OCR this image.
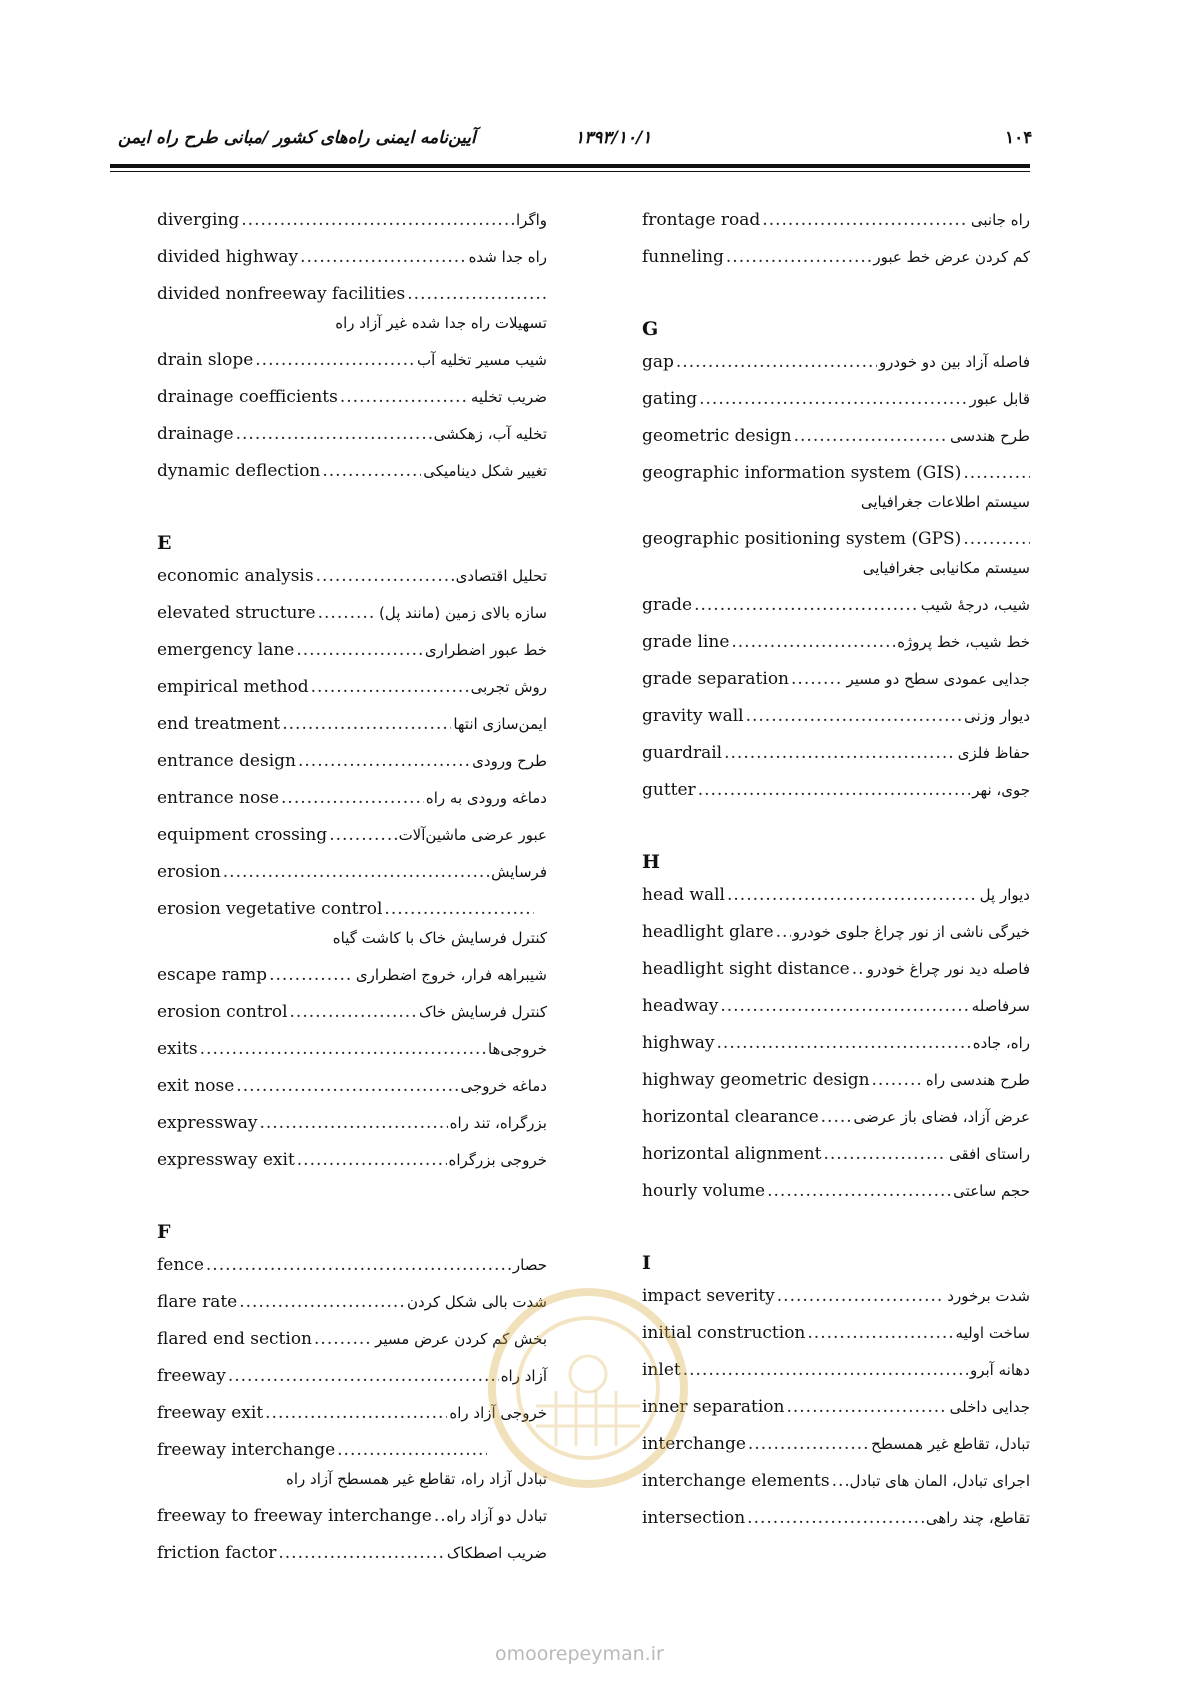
۱۰۴
۱۳۹۳/۱۰/۱
آیین‌نامه ایمنی راه‌های کشور /مبانی طرح راه ایمن
diverging .....	واگرا
divided highway .....	راه جدا شده
divided nonfreeway facilities
.....
تسهیلات راه جدا شده غیر آزاد راه
drain slope .....	شیب مسیر تخلیه آب
drainage coefficients .....	ضریب تخلیه
drainage .....	تخلیه آب، زهکشی
dynamic deflection .....	تغییر شکل دینامیکی
E
economic analysis .....	تحلیل اقتصادی
elevated structure .....	سازه بالای زمین (مانند پل)
emergency lane .....	خط عبور اضطراری
empirical method .....	روش تجربی
end treatment .....	ایمن‌سازی انتها
entrance design .....	طرح ورودی
entrance nose .....	دماغه ورودی به راه
equipment crossing .....	عبور عرضی ماشین‌آلات
erosion .....	فرسایش
erosion vegetative control
.....
کنترل فرسایش خاک با کاشت گیاه
escape ramp .....	شیبراهه فرار، خروج اضطراری
erosion control .....	کنترل فرسایش خاک
exits .....	خروجی‌ها
exit nose .....	دماغه خروجی
expressway .....	بزرگراه، تند راه
expressway exit .....	خروجی بزرگراه
F
fence .....	حصار
flare rate .....	شدت بالی شکل کردن
flared end section .....	بخش کم کردن عرض مسیر
freeway .....	آزاد راه
freeway exit .....	خروجی آزاد راه
freeway interchange
.....
تبادل آزاد راه، تقاطع غیر همسطح آزاد راه
freeway to freeway interchange ..... تبادل دو آزاد راه
friction factor .....	ضریب اصطکاک
frontage road .....	راه جانبی
funneling .....	کم کردن عرض خط عبور
G
gap .....	فاصله آزاد بین دو خودرو
gating .....	قابل عبور
geometric design .....	طرح هندسی
geographic information system (GIS)
.....
سیستم اطلاعات جغرافیایی
geographic positioning system (GPS)
.....
سیستم مکانیابی جغرافیایی
grade .....	شیب، درجهٔ شیب
grade line .....	خط شیب، خط پروژه
grade separation .....	جدایی عمودی سطح دو مسیر
gravity wall .....	دیوار وزنی
guardrail .....	حفاظ فلزی
gutter .....	جوی، نهر
H
head wall .....	دیوار پل
headlight glare ..... خیرگی ناشی از نور چراغ جلوی خودرو
headlight sight distance ..... فاصله دید نور چراغ خودرو
headway .....	سرفاصله
highway .....	راه، جاده
highway geometric design .....	طرح هندسی راه
horizontal clearance ..... عرض آزاد، فضای باز عرضی
horizontal alignment .....	راستای افقی
hourly volume .....	حجم ساعتی
I
impact severity .....	شدت برخورد
initial construction .....	ساخت اولیه
inlet .....	دهانه آبرو
inner separation .....	جدایی داخلی
interchange .....	تبادل، تقاطع غیر همسطح
interchange elements ..... اجرای تبادل، المان های تبادل
intersection .....	تقاطع، چند راهی
omoorepeyman.ir
